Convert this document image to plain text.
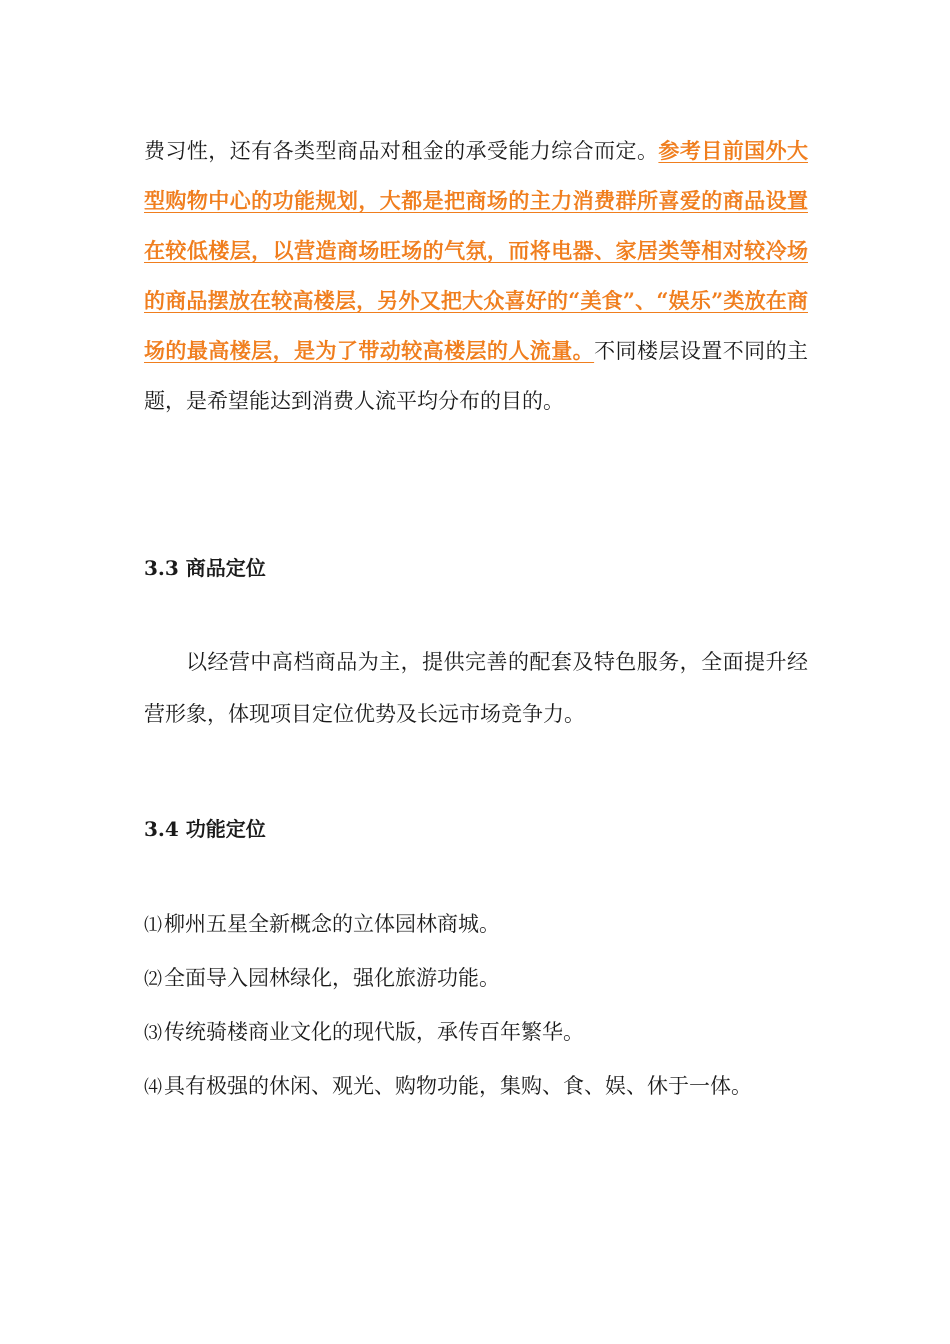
费习性，还有各类型商品对租金的承受能力综合而定。参考目前国外大型购物中心的功能规划，大都是把商场的主力消费群所喜爱的商品设置在较低楼层，以营造商场旺场的气氛，而将电器、家居类等相对较冷场的商品摆放在较高楼层，另外又把大众喜好的“美食”、“娱乐”类放在商场的最高楼层，是为了带动较高楼层的人流量。不同楼层设置不同的主题，是希望能达到消费人流平均分布的目的。

3.3 商品定位

以经营中高档商品为主，提供完善的配套及特色服务，全面提升经营形象，体现项目定位优势及长远市场竞争力。

3.4 功能定位
⑴柳州五星全新概念的立体园林商城。
⑵全面导入园林绿化，强化旅游功能。
⑶传统骑楼商业文化的现代版，承传百年繁华。
⑷具有极强的休闲、观光、购物功能，集购、食、娱、休于一体。
